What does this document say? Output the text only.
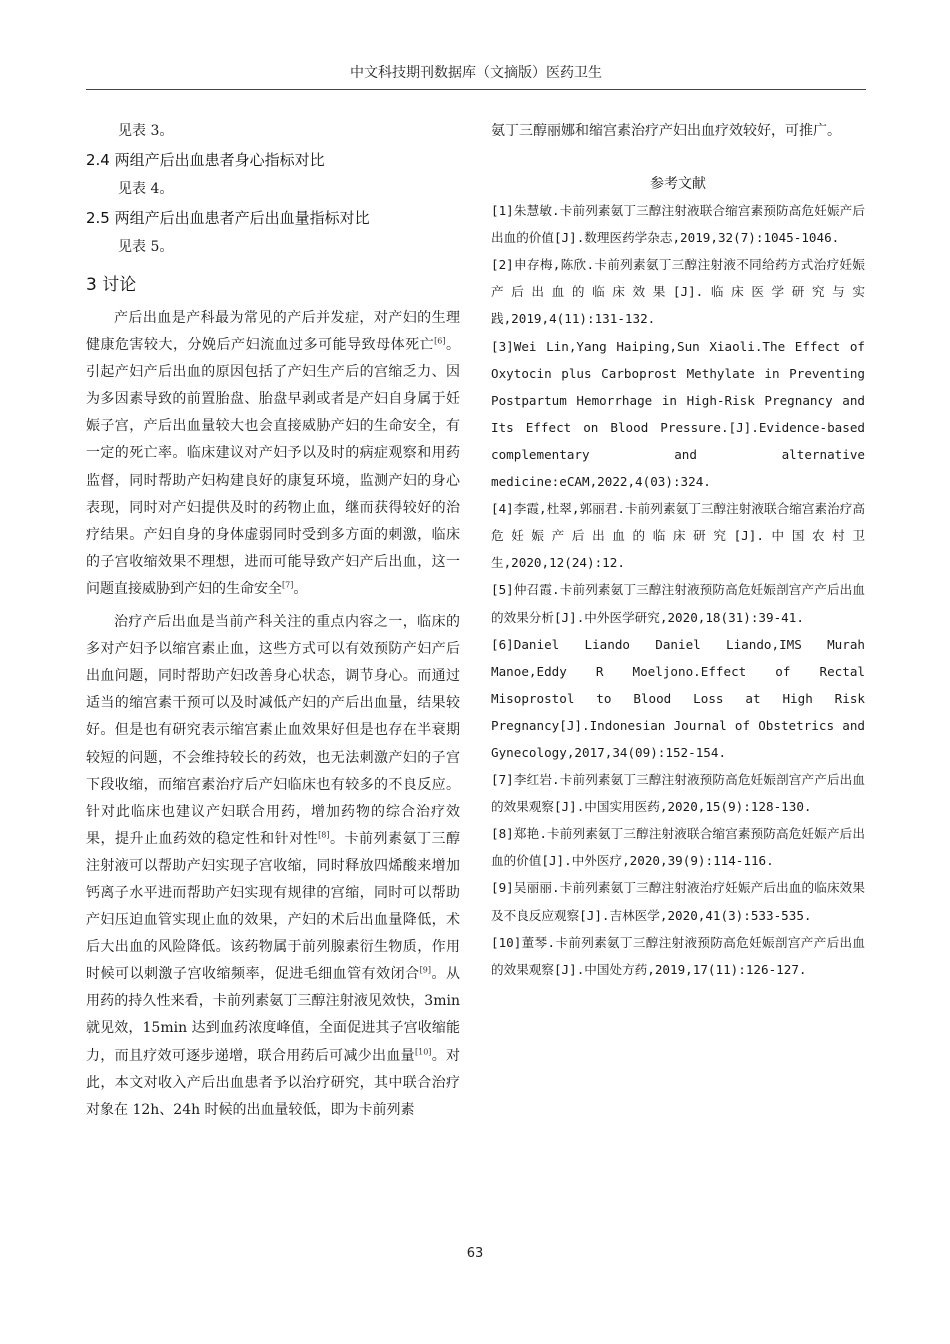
中文科技期刊数据库（文摘版）医药卫生

见表 3。

2.4 两组产后出血患者身心指标对比

见表 4。

2.5 两组产后出血患者产后出血量指标对比

见表 5。

3 讨论

产后出血是产科最为常见的产后并发症，对产妇的生理健康危害较大，分娩后产妇流血过多可能导致母体死亡[6]。引起产妇产后出血的原因包括了产妇生产后的宫缩乏力、因为多因素导致的前置胎盘、胎盘早剥或者是产妇自身属于妊娠子宫，产后出血量较大也会直接威胁产妇的生命安全，有一定的死亡率。临床建议对产妇予以及时的病症观察和用药监督，同时帮助产妇构建良好的康复环境，监测产妇的身心表现，同时对产妇提供及时的药物止血，继而获得较好的治疗结果。产妇自身的身体虚弱同时受到多方面的刺激，临床的子宫收缩效果不理想，进而可能导致产妇产后出血，这一问题直接威胁到产妇的生命安全[7]。

治疗产后出血是当前产科关注的重点内容之一，临床的多对产妇予以缩宫素止血，这些方式可以有效预防产妇产后出血问题，同时帮助产妇改善身心状态，调节身心。而通过适当的缩宫素干预可以及时减低产妇的产后出血量，结果较好。但是也有研究表示缩宫素止血效果好但是也存在半衰期较短的问题，不会维持较长的药效，也无法刺激产妇的子宫下段收缩，而缩宫素治疗后产妇临床也有较多的不良反应。针对此临床也建议产妇联合用药，增加药物的综合治疗效果，提升止血药效的稳定性和针对性[8]。卡前列素氨丁三醇注射液可以帮助产妇实现子宫收缩，同时释放四烯酸来增加钙离子水平进而帮助产妇实现有规律的宫缩，同时可以帮助产妇压迫血管实现止血的效果，产妇的术后出血量降低，术后大出血的风险降低。该药物属于前列腺素衍生物质，作用时候可以刺激子宫收缩频率，促进毛细血管有效闭合[9]。从用药的持久性来看，卡前列素氨丁三醇注射液见效快，3min 就见效，15min 达到血药浓度峰值，全面促进其子宫收缩能力，而且疗效可逐步递增，联合用药后可减少出血量[10]。对此，本文对收入产后出血患者予以治疗研究，其中联合治疗对象在 12h、24h 时候的出血量较低，即为卡前列素

氨丁三醇丽娜和缩宫素治疗产妇出血疗效较好，可推广。

参考文献

[1]朱慧敏.卡前列素氨丁三醇注射液联合缩宫素预防高危妊娠产后出血的价值[J].数理医药学杂志,2019,32(7):1045-1046.

[2]申存梅,陈欣.卡前列素氨丁三醇注射液不同给药方式治疗妊娠产后出血的临床效果[J].临床医学研究与实践,2019,4(11):131-132.

[3]Wei Lin,Yang Haiping,Sun Xiaoli.The Effect of Oxytocin plus Carboprost Methylate in Preventing Postpartum Hemorrhage in High-Risk Pregnancy and Its Effect on Blood Pressure.[J].Evidence-based complementary and alternative medicine:eCAM,2022,4(03):324.

[4]李霞,杜翠,郭丽君.卡前列素氨丁三醇注射液联合缩宫素治疗高危妊娠产后出血的临床研究[J].中国农村卫生,2020,12(24):12.

[5]仲召霞.卡前列素氨丁三醇注射液预防高危妊娠剖宫产产后出血的效果分析[J].中外医学研究,2020,18(31):39-41.

[6]Daniel Liando Daniel Liando,IMS Murah Manoe,Eddy R Moeljono.Effect of Rectal Misoprostol to Blood Loss at High Risk Pregnancy[J].Indonesian Journal of Obstetrics and Gynecology,2017,34(09):152-154.

[7]李红岩.卡前列素氨丁三醇注射液预防高危妊娠剖宫产产后出血的效果观察[J].中国实用医药,2020,15(9):128-130.

[8]郑艳.卡前列素氨丁三醇注射液联合缩宫素预防高危妊娠产后出血的价值[J].中外医疗,2020,39(9):114-116.

[9]吴丽丽.卡前列素氨丁三醇注射液治疗妊娠产后出血的临床效果及不良反应观察[J].吉林医学,2020,41(3):533-535.

[10]董琴.卡前列素氨丁三醇注射液预防高危妊娠剖宫产产后出血的效果观察[J].中国处方药,2019,17(11):126-127.

63
